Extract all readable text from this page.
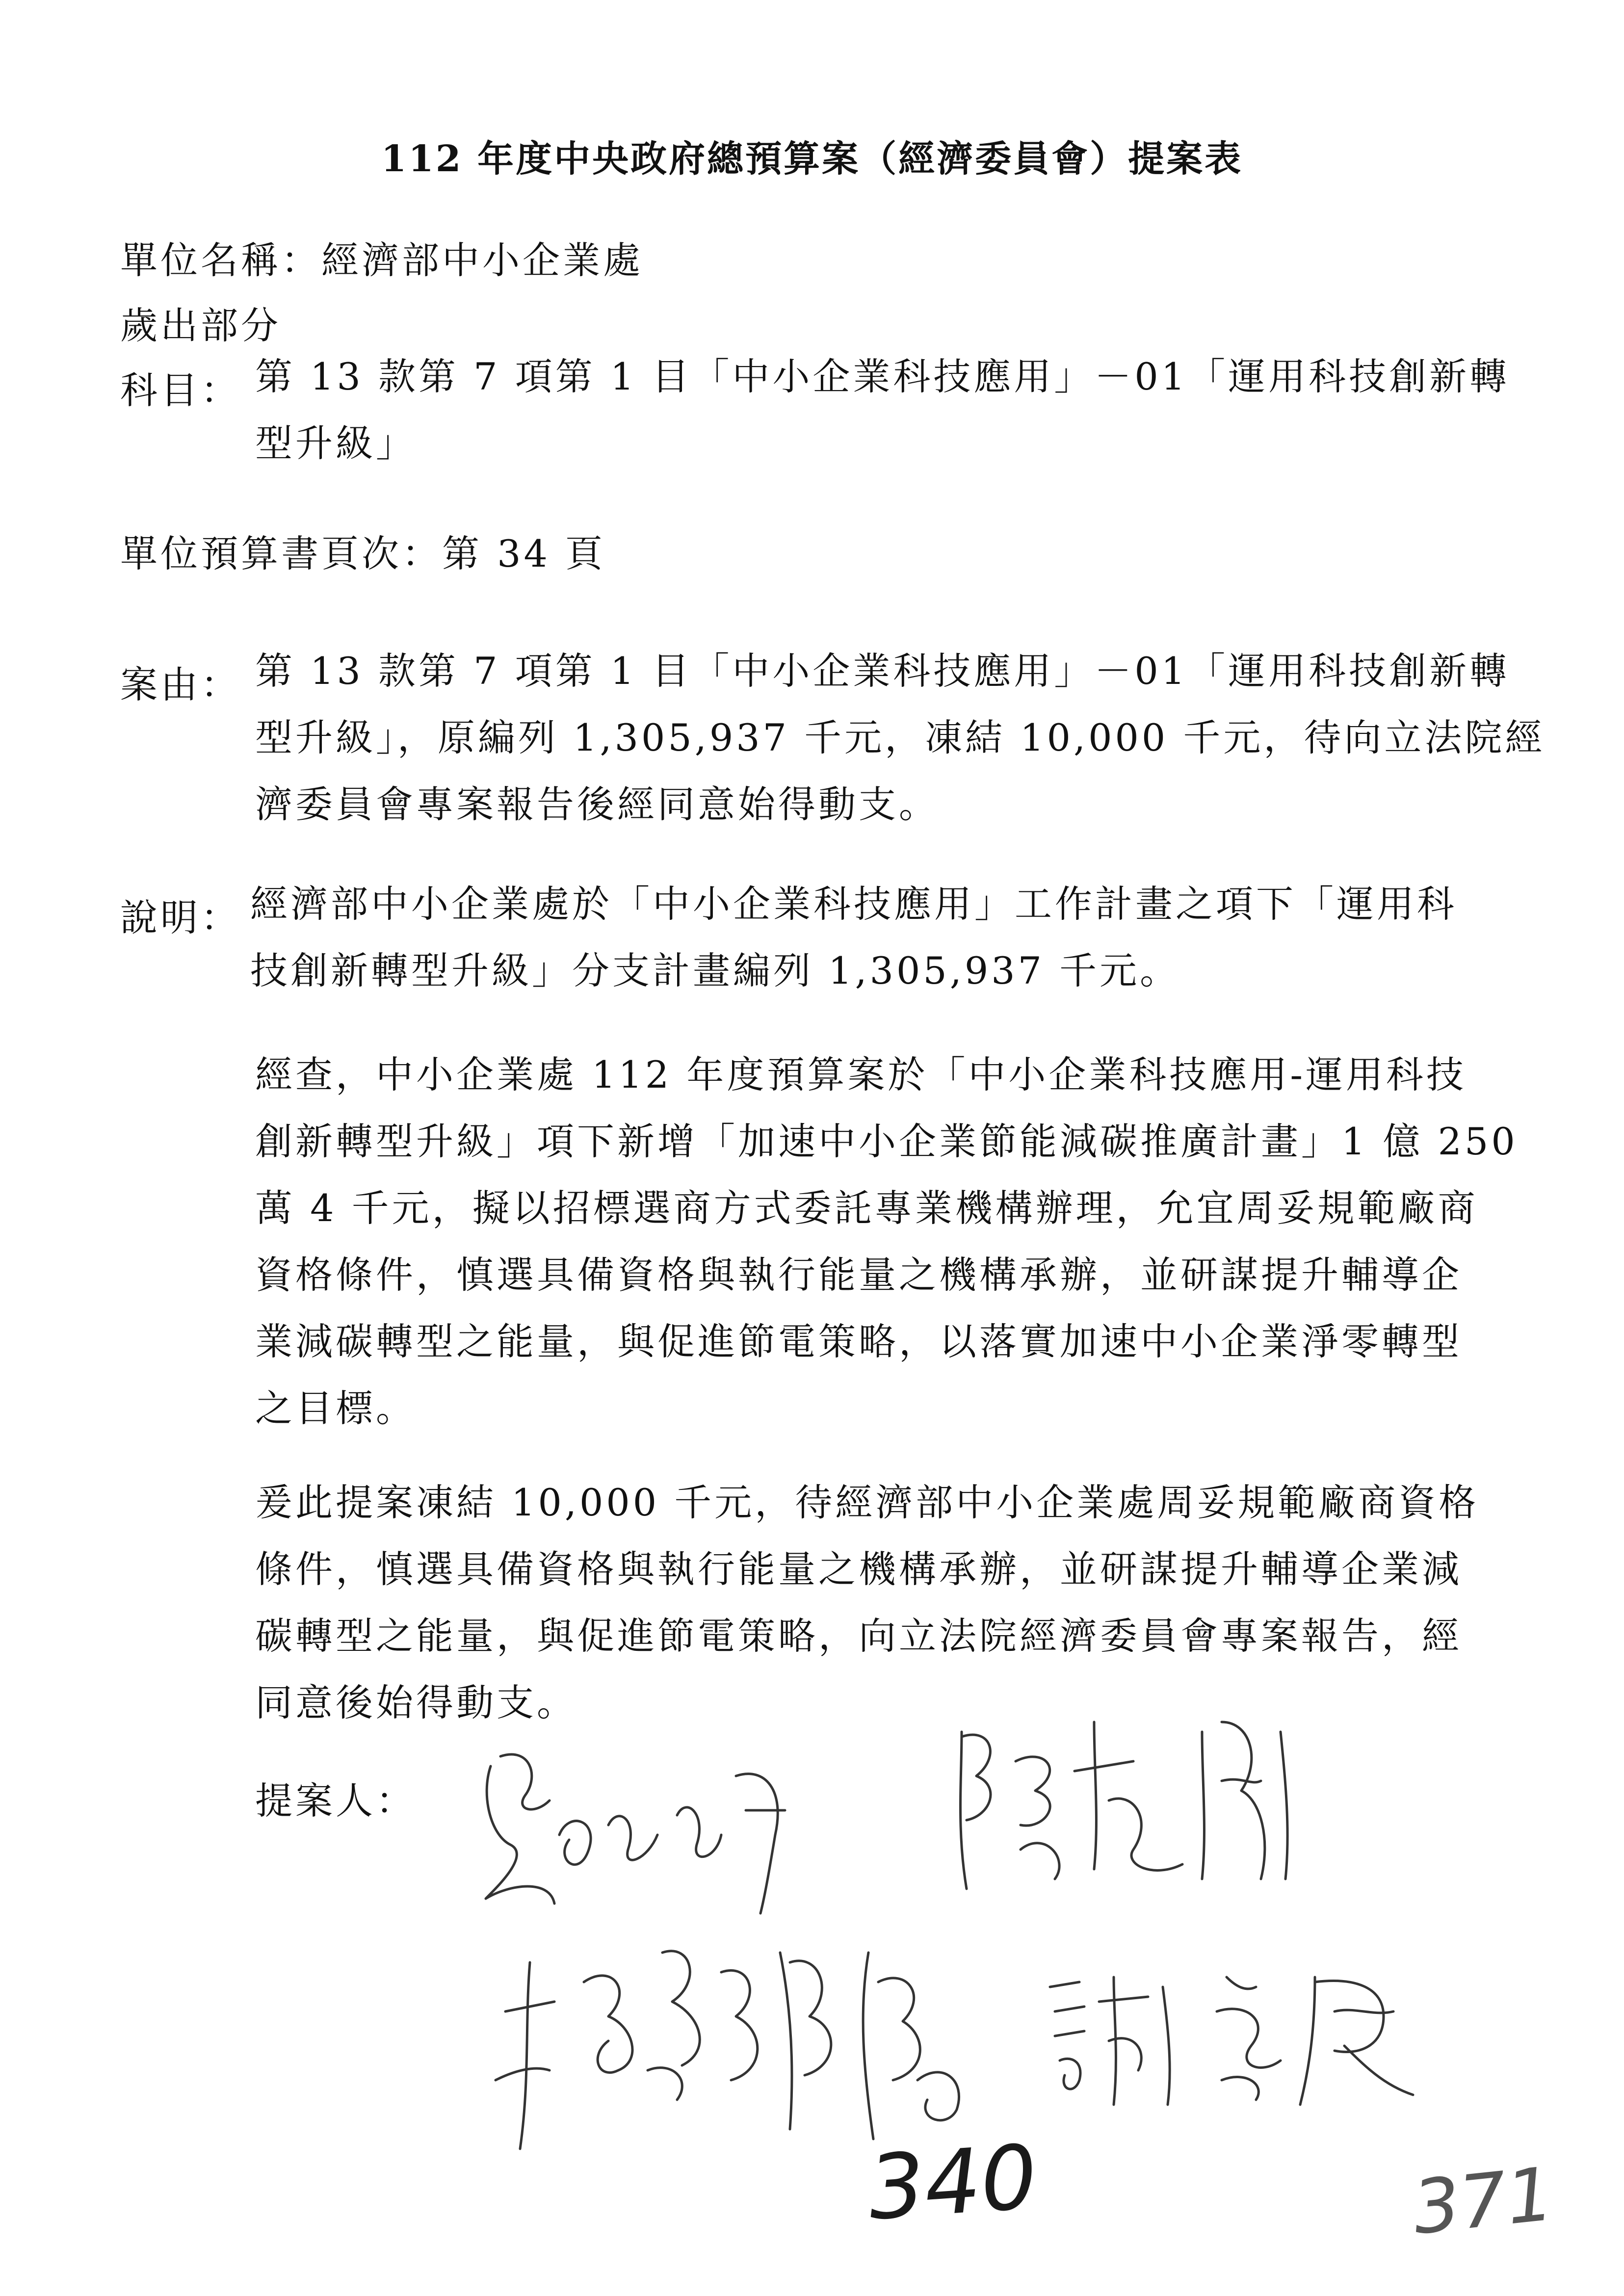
112 年度中央政府總預算案（經濟委員會）提案表
單位名稱：經濟部中小企業處
歲出部分
科目： 第 13 款第 7 項第 1 目「中小企業科技應用」－01「運用科技創新轉
型升級」
單位預算書頁次：第 34 頁
案由： 第 13 款第 7 項第 1 目「中小企業科技應用」－01「運用科技創新轉
型升級」，原編列 1,305,937 千元，凍結 10,000 千元，待向立法院經
濟委員會專案報告後經同意始得動支。
說明： 經濟部中小企業處於「中小企業科技應用」工作計畫之項下「運用科
技創新轉型升級」分支計畫編列 1,305,937 千元。
經查，中小企業處 112 年度預算案於「中小企業科技應用-運用科技
創新轉型升級」項下新增「加速中小企業節能減碳推廣計畫」1 億 250
萬 4 千元，擬以招標選商方式委託專業機構辦理，允宜周妥規範廠商
資格條件，慎選具備資格與執行能量之機構承辦，並研謀提升輔導企
業減碳轉型之能量，與促進節電策略，以落實加速中小企業淨零轉型
之目標。
爰此提案凍結 10,000 千元，待經濟部中小企業處周妥規範廠商資格
條件，慎選具備資格與執行能量之機構承辦，並研謀提升輔導企業減
碳轉型之能量，與促進節電策略，向立法院經濟委員會專案報告，經
同意後始得動支。
提案人：
340	371
